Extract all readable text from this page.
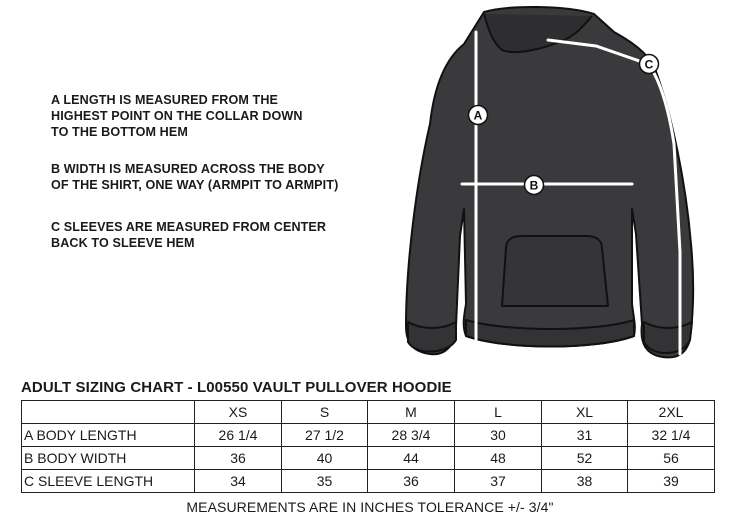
A LENGTH IS MEASURED FROM THE
HIGHEST POINT ON THE COLLAR DOWN
TO THE BOTTOM HEM

B WIDTH IS MEASURED ACROSS THE BODY
OF THE SHIRT, ONE WAY (ARMPIT TO ARMPIT)

C SLEEVES ARE MEASURED FROM CENTER
BACK TO SLEEVE HEM

A
B
C

ADULT SIZING CHART - L00550 VAULT PULLOVER HOODIE

	XS	S	M	L	XL	2XL
A BODY LENGTH	26 1/4	27 1/2	28 3/4	30	31	32 1/4
B BODY WIDTH	36	40	44	48	52	56
C SLEEVE LENGTH	34	35	36	37	38	39

MEASUREMENTS ARE IN INCHES TOLERANCE +/- 3/4"
